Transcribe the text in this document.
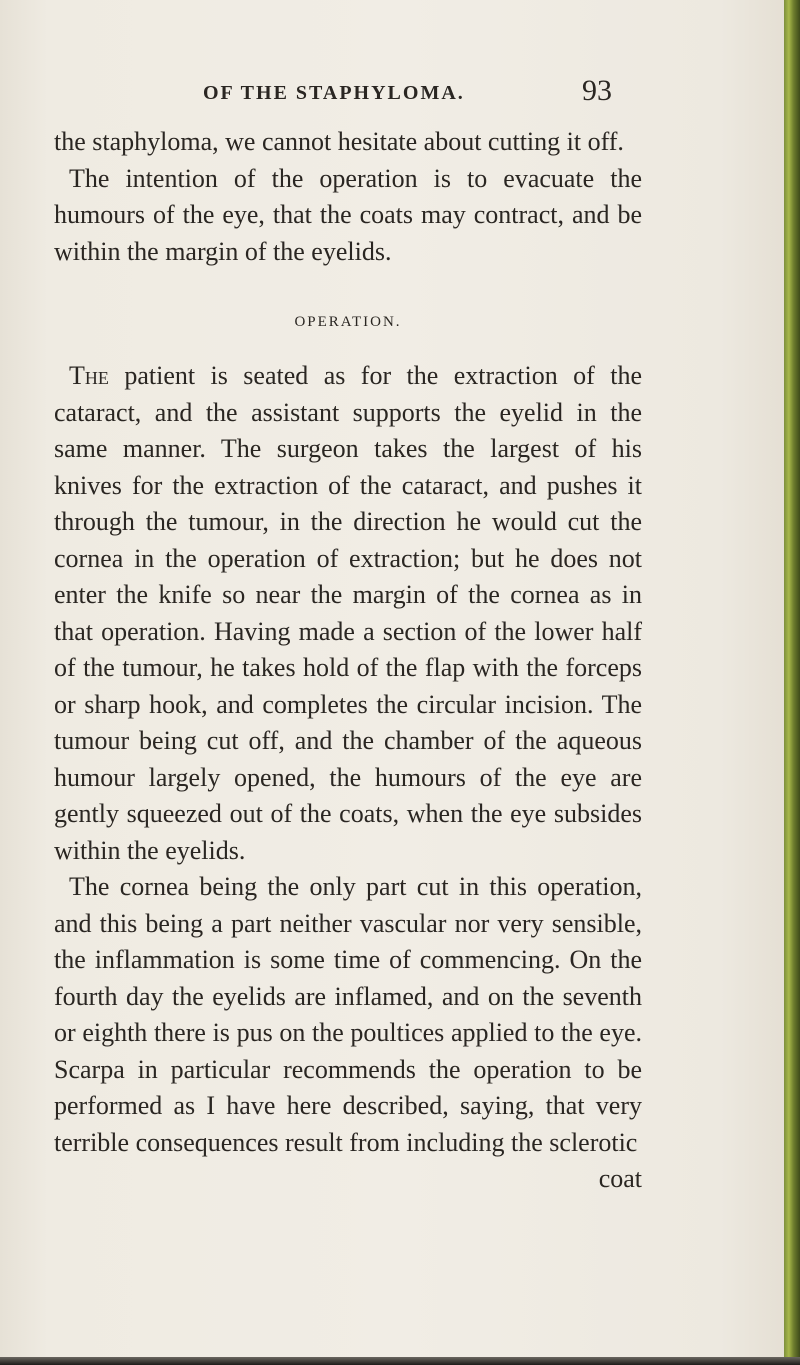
OF THE STAPHYLOMA.	93

the staphyloma, we cannot hesitate about cutting it off.

The intention of the operation is to evacuate the humours of the eye, that the coats may contract, and be within the margin of the eyelids.

OPERATION.

The patient is seated as for the extraction of the cataract, and the assistant supports the eyelid in the same manner. The surgeon takes the largest of his knives for the extraction of the cataract, and pushes it through the tumour, in the direction he would cut the cornea in the operation of extraction; but he does not enter the knife so near the margin of the cornea as in that operation. Having made a section of the lower half of the tumour, he takes hold of the flap with the forceps or sharp hook, and completes the circular incision. The tumour being cut off, and the chamber of the aqueous humour largely opened, the humours of the eye are gently squeezed out of the coats, when the eye subsides within the eyelids.

The cornea being the only part cut in this operation, and this being a part neither vascular nor very sensible, the inflammation is some time of commencing. On the fourth day the eyelids are inflamed, and on the seventh or eighth there is pus on the poultices applied to the eye. Scarpa in particular recommends the operation to be performed as I have here described, saying, that very terrible consequences result from including the sclerotic

coat
